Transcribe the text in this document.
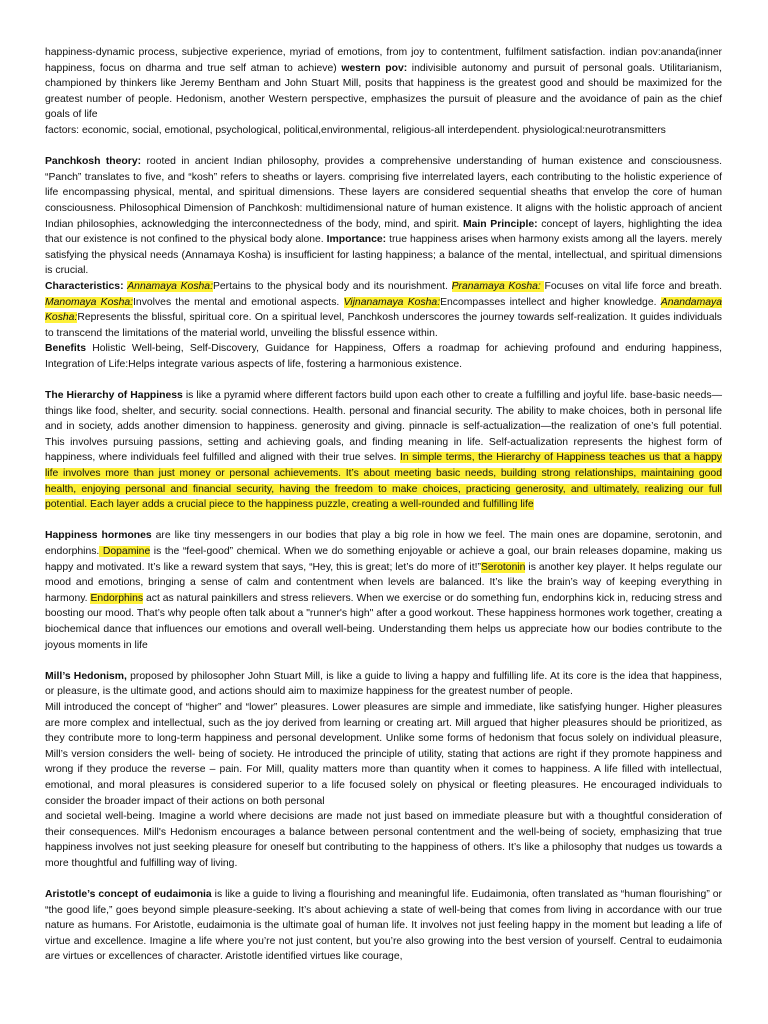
happiness-dynamic process, subjective experience, myriad of emotions, from joy to contentment, fulfilment satisfaction. indian pov:ananda(inner happiness, focus on dharma and true self atman to achieve) western pov: indivisible autonomy and pursuit of personal goals. Utilitarianism, championed by thinkers like Jeremy Bentham and John Stuart Mill, posits that happiness is the greatest good and should be maximized for the greatest number of people. Hedonism, another Western perspective, emphasizes the pursuit of pleasure and the avoidance of pain as the chief goals of life

factors: economic, social, emotional, psychological, political,environmental, religious-all interdependent. physiological:neurotransmitters

Panchkosh theory: rooted in ancient Indian philosophy, provides a comprehensive understanding of human existence and consciousness. “Panch” translates to five, and “kosh” refers to sheaths or layers. comprising five interrelated layers, each contributing to the holistic experience of life encompassing physical, mental, and spiritual dimensions. These layers are considered sequential sheaths that envelop the core of human consciousness. Philosophical Dimension of Panchkosh: multidimensional nature of human existence. It aligns with the holistic approach of ancient Indian philosophies, acknowledging the interconnectedness of the body, mind, and spirit. Main Principle: concept of layers, highlighting the idea that our existence is not confined to the physical body alone. Importance: true happiness arises when harmony exists among all the layers. merely satisfying the physical needs (Annamaya Kosha) is insufficient for lasting happiness; a balance of the mental, intellectual, and spiritual dimensions is crucial.

Characteristics: Annamaya Kosha:Pertains to the physical body and its nourishment. Pranamaya Kosha: Focuses on vital life force and breath. Manomaya Kosha:Involves the mental and emotional aspects. Vijnanamaya Kosha:Encompasses intellect and higher knowledge. Anandamaya Kosha:Represents the blissful, spiritual core. On a spiritual level, Panchkosh underscores the journey towards self-realization. It guides individuals to transcend the limitations of the material world, unveiling the blissful essence within.

Benefits Holistic Well-being, Self-Discovery, Guidance for Happiness, Offers a roadmap for achieving profound and enduring happiness, Integration of Life:Helps integrate various aspects of life, fostering a harmonious existence.

The Hierarchy of Happiness is like a pyramid where different factors build upon each other to create a fulfilling and joyful life. base-basic needs—things like food, shelter, and security. social connections. Health. personal and financial security. The ability to make choices, both in personal life and in society, adds another dimension to happiness. generosity and giving. pinnacle is self-actualization—the realization of one’s full potential. This involves pursuing passions, setting and achieving goals, and finding meaning in life. Self-actualization represents the highest form of happiness, where individuals feel fulfilled and aligned with their true selves. In simple terms, the Hierarchy of Happiness teaches us that a happy life involves more than just money or personal achievements. It’s about meeting basic needs, building strong relationships, maintaining good health, enjoying personal and financial security, having the freedom to make choices, practicing generosity, and ultimately, realizing our full potential. Each layer adds a crucial piece to the happiness puzzle, creating a well-rounded and fulfilling life

Happiness hormones are like tiny messengers in our bodies that play a big role in how we feel. The main ones are dopamine, serotonin, and endorphins. Dopamine is the “feel-good” chemical. When we do something enjoyable or achieve a goal, our brain releases dopamine, making us happy and motivated. It’s like a reward system that says, “Hey, this is great; let’s do more of it!”Serotonin is another key player. It helps regulate our mood and emotions, bringing a sense of calm and contentment when levels are balanced. It’s like the brain’s way of keeping everything in harmony. Endorphins act as natural painkillers and stress relievers. When we exercise or do something fun, endorphins kick in, reducing stress and boosting our mood. That’s why people often talk about a "runner's high" after a good workout. These happiness hormones work together, creating a biochemical dance that influences our emotions and overall well-being. Understanding them helps us appreciate how our bodies contribute to the joyous moments in life

Mill’s Hedonism, proposed by philosopher John Stuart Mill, is like a guide to living a happy and fulfilling life. At its core is the idea that happiness, or pleasure, is the ultimate good, and actions should aim to maximize happiness for the greatest number of people.

Mill introduced the concept of “higher” and “lower” pleasures. Lower pleasures are simple and immediate, like satisfying hunger. Higher pleasures are more complex and intellectual, such as the joy derived from learning or creating art. Mill argued that higher pleasures should be prioritized, as they contribute more to long-term happiness and personal development. Unlike some forms of hedonism that focus solely on individual pleasure, Mill’s version considers the well- being of society. He introduced the principle of utility, stating that actions are right if they promote happiness and wrong if they produce the reverse – pain. For Mill, quality matters more than quantity when it comes to happiness. A life filled with intellectual, emotional, and moral pleasures is considered superior to a life focused solely on physical or fleeting pleasures. He encouraged individuals to consider the broader impact of their actions on both personal

and societal well-being. Imagine a world where decisions are made not just based on immediate pleasure but with a thoughtful consideration of their consequences. Mill's Hedonism encourages a balance between personal contentment and the well-being of society, emphasizing that true happiness involves not just seeking pleasure for oneself but contributing to the happiness of others. It’s like a philosophy that nudges us towards a more thoughtful and fulfilling way of living.

Aristotle’s concept of eudaimonia is like a guide to living a flourishing and meaningful life. Eudaimonia, often translated as “human flourishing” or “the good life,” goes beyond simple pleasure-seeking. It’s about achieving a state of well-being that comes from living in accordance with our true nature as humans. For Aristotle, eudaimonia is the ultimate goal of human life. It involves not just feeling happy in the moment but leading a life of virtue and excellence. Imagine a life where you’re not just content, but you’re also growing into the best version of yourself. Central to eudaimonia are virtues or excellences of character. Aristotle identified virtues like courage,
